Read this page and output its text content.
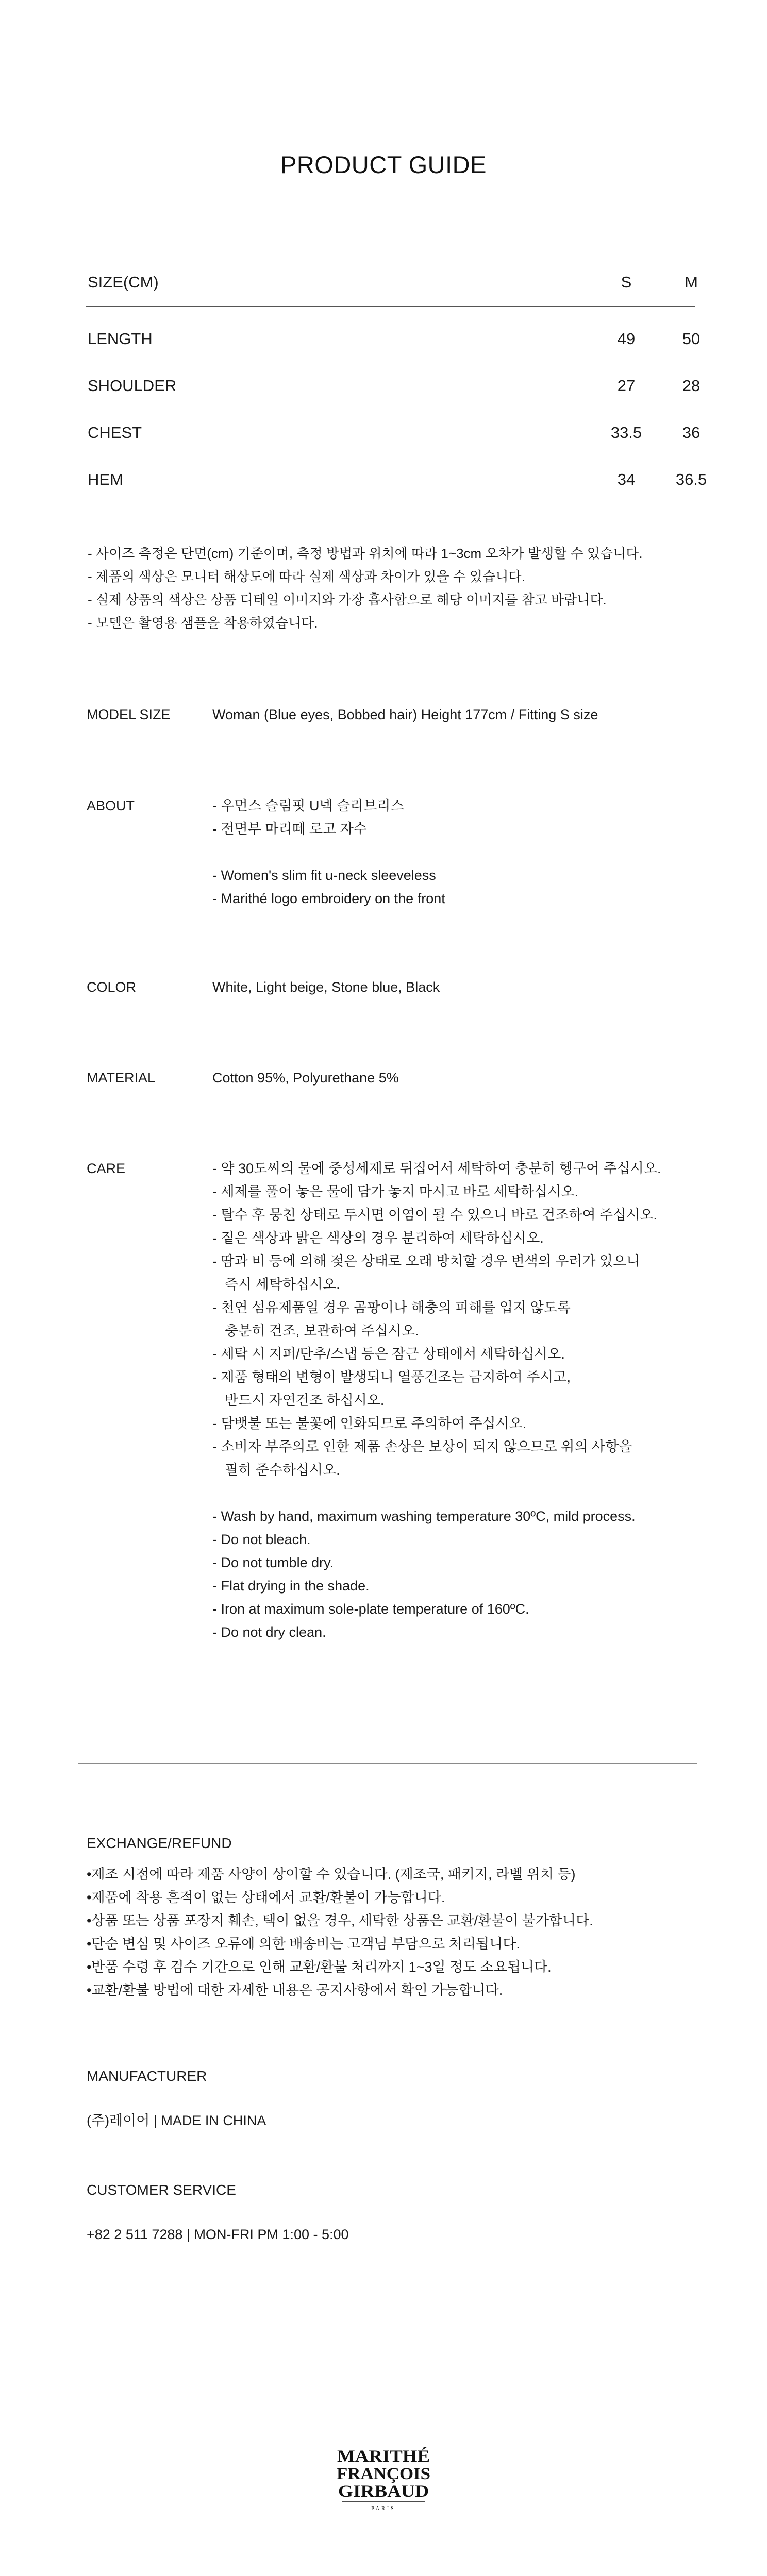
PRODUCT GUIDE
SIZE(CM)	S	M
LENGTH	49	50
SHOULDER	27	28
CHEST	33.5	36
HEM	34	36.5
- 사이즈 측정은 단면(cm) 기준이며, 측정 방법과 위치에 따라 1~3cm 오차가 발생할 수 있습니다.
- 제품의 색상은 모니터 해상도에 따라 실제 색상과 차이가 있을 수 있습니다.
- 실제 상품의 색상은 상품 디테일 이미지와 가장 흡사함으로 해당 이미지를 참고 바랍니다.
- 모델은 촬영용 샘플을 착용하였습니다.
MODEL SIZE	Woman (Blue eyes, Bobbed hair) Height 177cm / Fitting S size
ABOUT	- 우먼스 슬림핏 U넥 슬리브리스
- 전면부 마리떼 로고 자수
- Women's slim fit u-neck sleeveless
- Marithé logo embroidery on the front
COLOR	White, Light beige, Stone blue, Black
MATERIAL	Cotton 95%, Polyurethane 5%
CARE	- 약 30도씨의 물에 중성세제로 뒤집어서 세탁하여 충분히 헹구어 주십시오.
- 세제를 풀어 놓은 물에 담가 놓지 마시고 바로 세탁하십시오.
- 탈수 후 뭉친 상태로 두시면 이염이 될 수 있으니 바로 건조하여 주십시오.
- 짙은 색상과 밝은 색상의 경우 분리하여 세탁하십시오.
- 땀과 비 등에 의해 젖은 상태로 오래 방치할 경우 변색의 우려가 있으니
즉시 세탁하십시오.
- 천연 섬유제품일 경우 곰팡이나 해충의 피해를 입지 않도록
충분히 건조, 보관하여 주십시오.
- 세탁 시 지퍼/단추/스냅 등은 잠근 상태에서 세탁하십시오.
- 제품 형태의 변형이 발생되니 열풍건조는 금지하여 주시고,
반드시 자연건조 하십시오.
- 담뱃불 또는 불꽃에 인화되므로 주의하여 주십시오.
- 소비자 부주의로 인한 제품 손상은 보상이 되지 않으므로 위의 사항을
필히 준수하십시오.
- Wash by hand, maximum washing temperature 30ºC, mild process.
- Do not bleach.
- Do not tumble dry.
- Flat drying in the shade.
- Iron at maximum sole-plate temperature of 160ºC.
- Do not dry clean.
EXCHANGE/REFUND
•제조 시점에 따라 제품 사양이 상이할 수 있습니다. (제조국, 패키지, 라벨 위치 등)
•제품에 착용 흔적이 없는 상태에서 교환/환불이 가능합니다.
•상품 또는 상품 포장지 훼손, 택이 없을 경우, 세탁한 상품은 교환/환불이 불가합니다.
•단순 변심 및 사이즈 오류에 의한 배송비는 고객님 부담으로 처리됩니다.
•반품 수령 후 검수 기간으로 인해 교환/환불 처리까지 1~3일 정도 소요됩니다.
•교환/환불 방법에 대한 자세한 내용은 공지사항에서 확인 가능합니다.
MANUFACTURER
(주)레이어 | MADE IN CHINA
CUSTOMER SERVICE
+82 2 511 7288 | MON-FRI PM 1:00 - 5:00
MARITHÉ
FRANÇOIS
GIRBAUD
PARIS
